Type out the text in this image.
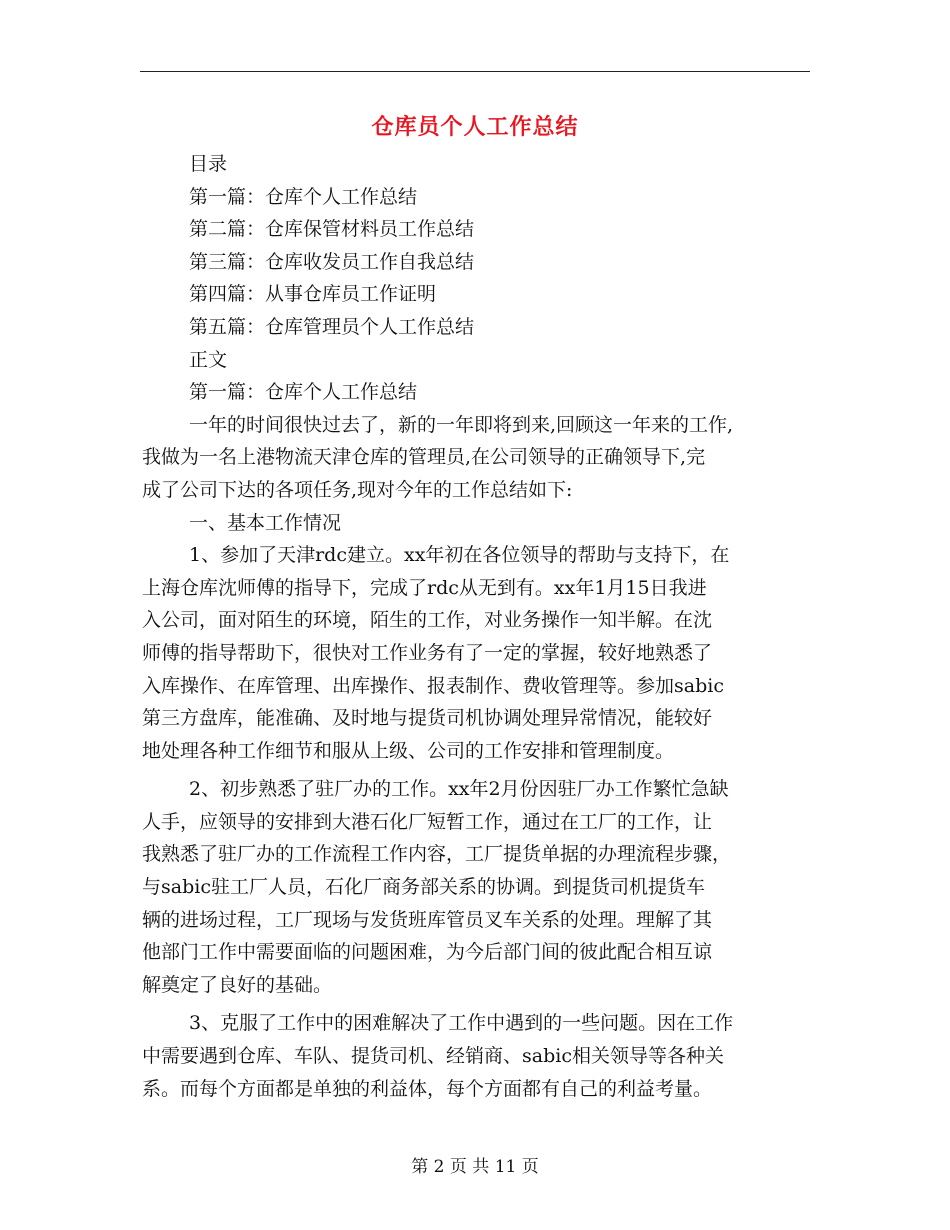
仓库员个人工作总结
目录
第一篇：仓库个人工作总结
第二篇：仓库保管材料员工作总结
第三篇：仓库收发员工作自我总结
第四篇：从事仓库员工作证明
第五篇：仓库管理员个人工作总结
正文
第一篇：仓库个人工作总结
一年的时间很快过去了，新的一年即将到来,回顾这一年来的工作,
我做为一名上港物流天津仓库的管理员,在公司领导的正确领导下,完
成了公司下达的各项任务,现对今年的工作总结如下:
一、基本工作情况
1、参加了天津rdc建立。xx年初在各位领导的帮助与支持下，在
上海仓库沈师傅的指导下，完成了rdc从无到有。xx年1月15日我进
入公司，面对陌生的环境，陌生的工作，对业务操作一知半解。在沈
师傅的指导帮助下，很快对工作业务有了一定的掌握，较好地熟悉了
入库操作、在库管理、出库操作、报表制作、费收管理等。参加sabic
第三方盘库，能准确、及时地与提货司机协调处理异常情况，能较好
地处理各种工作细节和服从上级、公司的工作安排和管理制度。
2、初步熟悉了驻厂办的工作。xx年2月份因驻厂办工作繁忙急缺
人手，应领导的安排到大港石化厂短暂工作，通过在工厂的工作，让
我熟悉了驻厂办的工作流程工作内容，工厂提货单据的办理流程步骤，
与sabic驻工厂人员，石化厂商务部关系的协调。到提货司机提货车
辆的进场过程，工厂现场与发货班库管员叉车关系的处理。理解了其
他部门工作中需要面临的问题困难，为今后部门间的彼此配合相互谅
解奠定了良好的基础。
3、克服了工作中的困难解决了工作中遇到的一些问题。因在工作
中需要遇到仓库、车队、提货司机、经销商、sabic相关领导等各种关
系。而每个方面都是单独的利益体，每个方面都有自己的利益考量。
第 2 页 共 11 页
